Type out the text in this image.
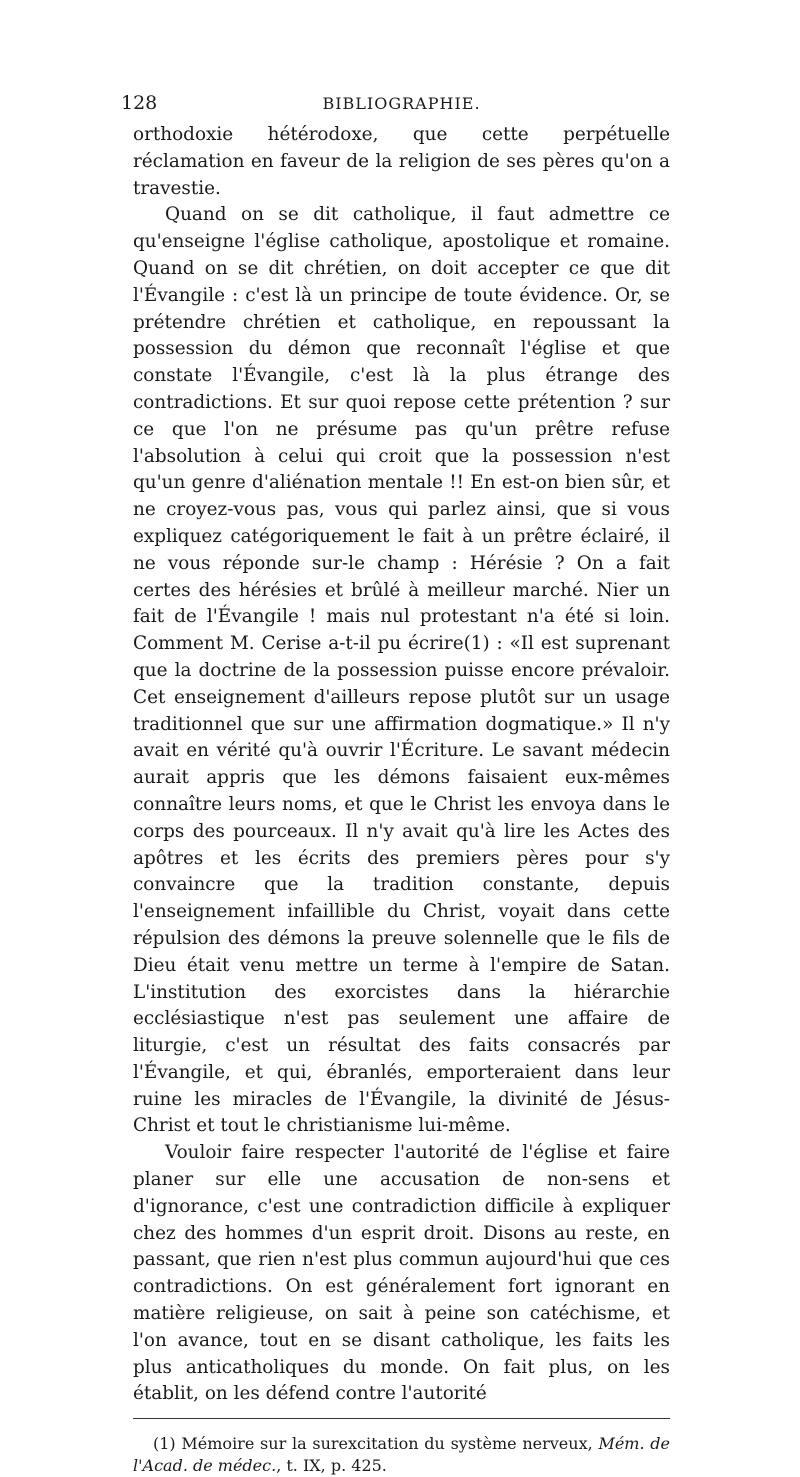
128	BIBLIOGRAPHIE.

orthodoxie hétérodoxe, que cette perpétuelle réclamation en faveur de la religion de ses pères qu'on a travestie.

Quand on se dit catholique, il faut admettre ce qu'enseigne l'église catholique, apostolique et romaine. Quand on se dit chrétien, on doit accepter ce que dit l'Évangile : c'est là un principe de toute évidence. Or, se prétendre chrétien et catholique, en repoussant la possession du démon que reconnaît l'église et que constate l'Évangile, c'est là la plus étrange des contradictions. Et sur quoi repose cette prétention ? sur ce que l'on ne présume pas qu'un prêtre refuse l'absolution à celui qui croit que la possession n'est qu'un genre d'aliénation mentale !! En est-on bien sûr, et ne croyez-vous pas, vous qui parlez ainsi, que si vous expliquez catégoriquement le fait à un prêtre éclairé, il ne vous réponde sur-le champ : Hérésie ? On a fait certes des hérésies et brûlé à meilleur marché. Nier un fait de l'Évangile ! mais nul protestant n'a été si loin. Comment M. Cerise a-t-il pu écrire(1) : «Il est suprenant que la doctrine de la possession puisse encore prévaloir. Cet enseignement d'ailleurs repose plutôt sur un usage traditionnel que sur une affirmation dogmatique.» Il n'y avait en vérité qu'à ouvrir l'Écriture. Le savant médecin aurait appris que les démons faisaient eux-mêmes connaître leurs noms, et que le Christ les envoya dans le corps des pourceaux. Il n'y avait qu'à lire les Actes des apôtres et les écrits des premiers pères pour s'y convaincre que la tradition constante, depuis l'enseignement infaillible du Christ, voyait dans cette répulsion des démons la preuve solennelle que le fils de Dieu était venu mettre un terme à l'empire de Satan. L'institution des exorcistes dans la hiérarchie ecclésiastique n'est pas seulement une affaire de liturgie, c'est un résultat des faits consacrés par l'Évangile, et qui, ébranlés, emporteraient dans leur ruine les miracles de l'Évangile, la divinité de Jésus-Christ et tout le christianisme lui-même.

Vouloir faire respecter l'autorité de l'église et faire planer sur elle une accusation de non-sens et d'ignorance, c'est une contradiction difficile à expliquer chez des hommes d'un esprit droit. Disons au reste, en passant, que rien n'est plus commun aujourd'hui que ces contradictions. On est généralement fort ignorant en matière religieuse, on sait à peine son catéchisme, et l'on avance, tout en se disant catholique, les faits les plus anticatholiques du monde. On fait plus, on les établit, on les défend contre l'autorité

(1) Mémoire sur la surexcitation du système nerveux, Mém. de l'Acad. de médec., t. IX, p. 425.
